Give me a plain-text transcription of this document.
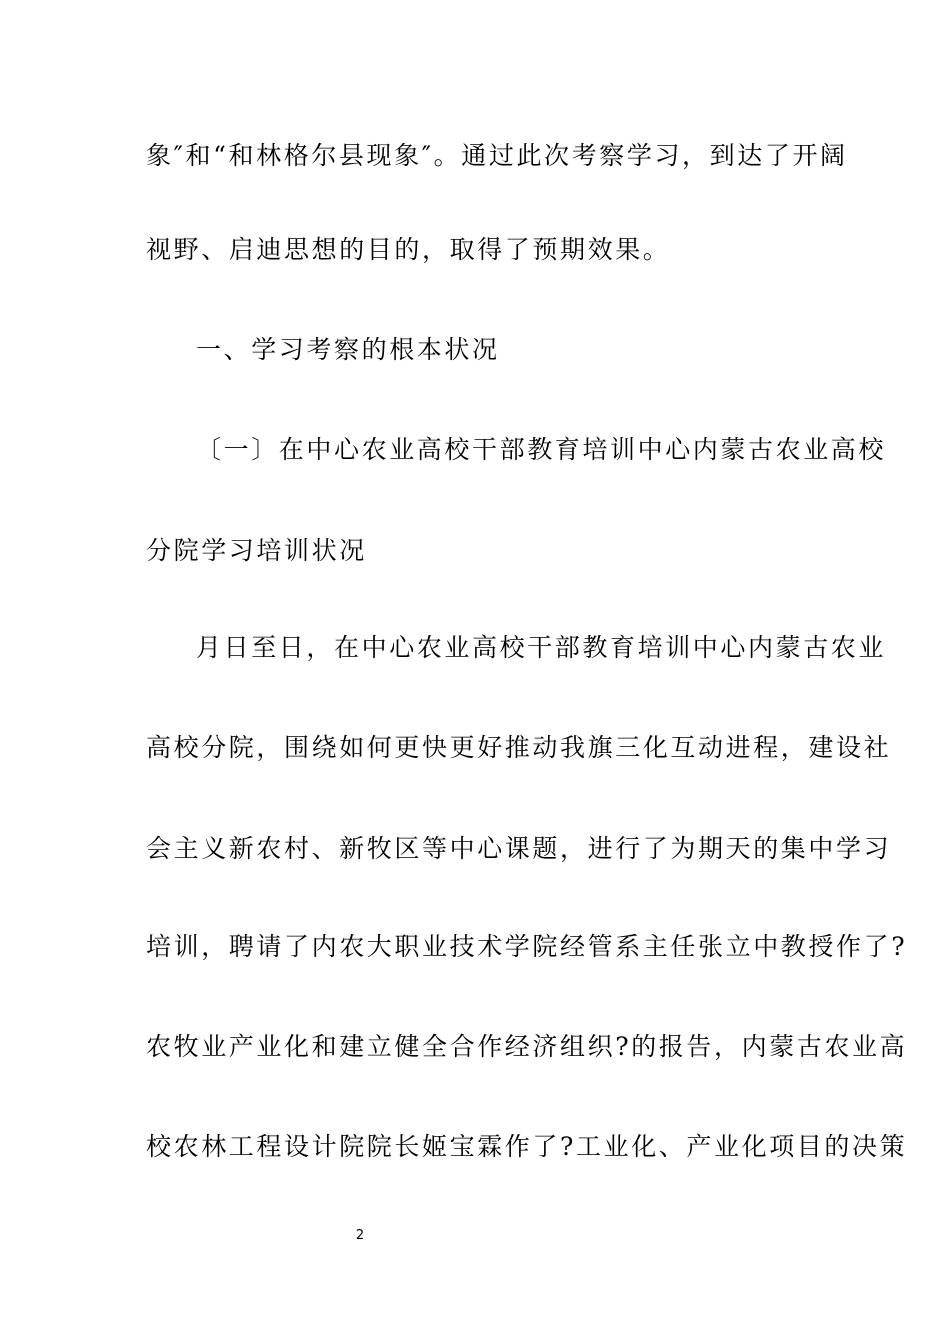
象″和“和林格尔县现象″。通过此次考察学习，到达了开阔
视野、启迪思想的目的，取得了预期效果。
一、学习考察的根本状况
〔一〕在中心农业高校干部教育培训中心内蒙古农业高校
分院学习培训状况
月日至日，在中心农业高校干部教育培训中心内蒙古农业
高校分院，围绕如何更快更好推动我旗三化互动进程，建设社
会主义新农村、新牧区等中心课题，进行了为期天的集中学习
培训，聘请了内农大职业技术学院经管系主任张立中教授作了?
农牧业产业化和建立健全合作经济组织?的报告，内蒙古农业高
校农林工程设计院院长姬宝霖作了?工业化、产业化项目的决策
2
